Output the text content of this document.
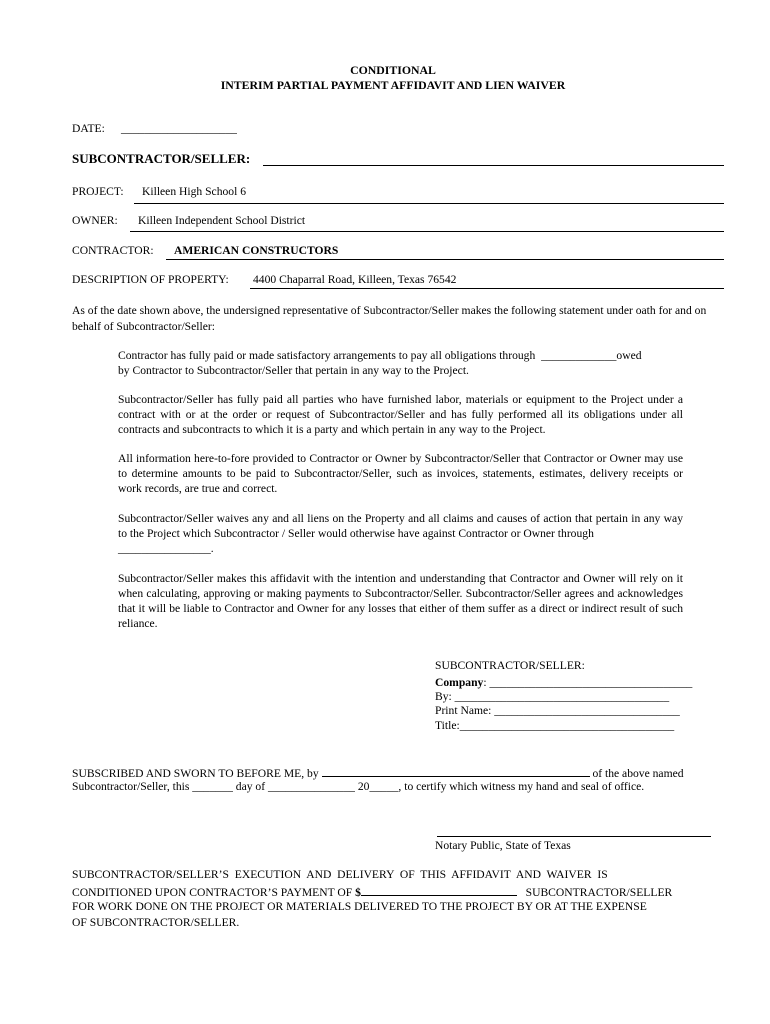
CONDITIONAL
INTERIM PARTIAL PAYMENT AFFIDAVIT AND LIEN WAIVER
DATE: ____________________
SUBCONTRACTOR/SELLER:
PROJECT: Killeen High School 6
OWNER: Killeen Independent School District
CONTRACTOR: AMERICAN CONSTRUCTORS
DESCRIPTION OF PROPERTY: 4400 Chaparral Road, Killeen, Texas 76542
As of the date shown above, the undersigned representative of Subcontractor/Seller makes the following statement under oath for and on behalf of Subcontractor/Seller:
Contractor has fully paid or made satisfactory arrangements to pay all obligations through _____________owed
by Contractor to Subcontractor/Seller that pertain in any way to the Project.
Subcontractor/Seller has fully paid all parties who have furnished labor, materials or equipment to the Project under a contract with or at the order or request of Subcontractor/Seller and has fully performed all its obligations under all contracts and subcontracts to which it is a party and which pertain in any way to the Project.
All information here-to-fore provided to Contractor or Owner by Subcontractor/Seller that Contractor or Owner may use to determine amounts to be paid to Subcontractor/Seller, such as invoices, statements, estimates, delivery receipts or work records, are true and correct.
Subcontractor/Seller waives any and all liens on the Property and all claims and causes of action that pertain in any way to the Project which Subcontractor / Seller would otherwise have against Contractor or Owner through
________________.
Subcontractor/Seller makes this affidavit with the intention and understanding that Contractor and Owner will rely on it when calculating, approving or making payments to Subcontractor/Seller. Subcontractor/Seller agrees and acknowledges that it will be liable to Contractor and Owner for any losses that either of them suffer as a direct or indirect result of such reliance.
SUBCONTRACTOR/SELLER:
Company: ___________________________________
By: _____________________________________
Print Name: ________________________________
Title:_____________________________________
SUBSCRIBED AND SWORN TO BEFORE ME, by	of the above named
Subcontractor/Seller, this _______ day of _______________ 20_____, to certify which witness my hand and seal of office.
Notary Public, State of Texas
SUBCONTRACTOR/SELLER’S  EXECUTION  AND  DELIVERY  OF  THIS  AFFIDAVIT  AND  WAIVER  IS
CONDITIONED UPON CONTRACTOR’S PAYMENT OF $	SUBCONTRACTOR/SELLER
FOR WORK DONE ON THE PROJECT OR MATERIALS DELIVERED TO THE PROJECT BY OR AT THE EXPENSE
OF SUBCONTRACTOR/SELLER.
